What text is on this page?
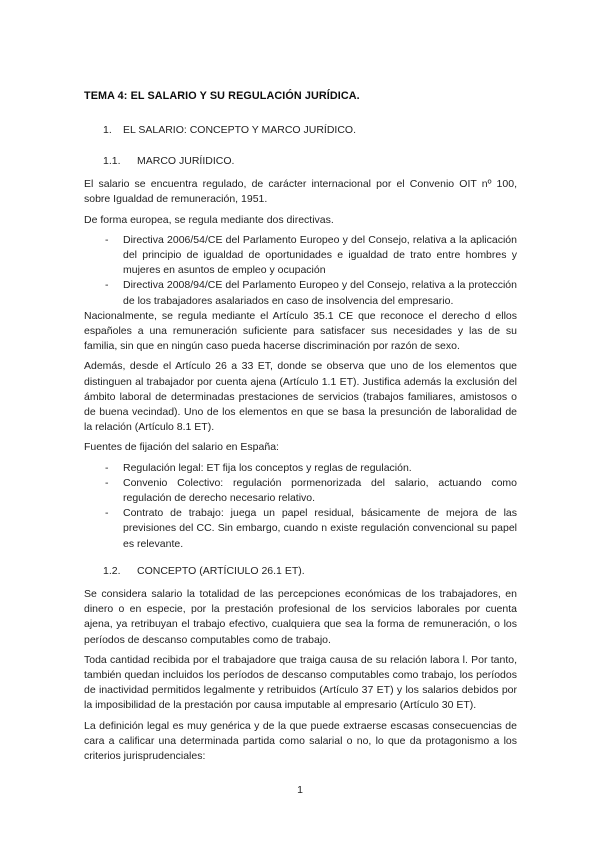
TEMA 4: EL SALARIO Y SU REGULACIÓN JURÍDICA.
1.	EL SALARIO: CONCEPTO Y MARCO JURÍDICO.
1.1.	MARCO JURÍIDICO.

El salario se encuentra regulado, de carácter internacional por el Convenio OIT nº 100, sobre Igualdad de remuneración, 1951.

De forma europea, se regula mediante dos directivas.

- Directiva 2006/54/CE del Parlamento Europeo y del Consejo, relativa a la aplicación del principio de igualdad de oportunidades e igualdad de trato entre hombres y mujeres en asuntos de empleo y ocupación
- Directiva 2008/94/CE del Parlamento Europeo y del Consejo, relativa a la protección de los trabajadores asalariados en caso de insolvencia del empresario.

Nacionalmente, se regula mediante el Artículo 35.1 CE que reconoce el derecho d ellos españoles a una remuneración suficiente para satisfacer sus necesidades y las de su familia, sin que en ningún caso pueda hacerse discriminación por razón de sexo.

Además, desde el Artículo 26 a 33 ET, donde se observa que uno de los elementos que distinguen al trabajador por cuenta ajena (Artículo 1.1 ET). Justifica además la exclusión del ámbito laboral de determinadas prestaciones de servicios (trabajos familiares, amistosos o de buena vecindad). Uno de los elementos en que se basa la presunción de laboralidad de la relación (Artículo 8.1 ET).

Fuentes de fijación del salario en España:

- Regulación legal: ET fija los conceptos y reglas de regulación.
- Convenio Colectivo: regulación pormenorizada del salario, actuando como regulación de derecho necesario relativo.
- Contrato de trabajo: juega un papel residual, básicamente de mejora de las previsiones del CC. Sin embargo, cuando n existe regulación convencional su papel es relevante.
1.2.	CONCEPTO (ARTÍCIULO 26.1 ET).

Se considera salario la totalidad de las percepciones económicas de los trabajadores, en dinero o en especie, por la prestación profesional de los servicios laborales por cuenta ajena, ya retribuyan el trabajo efectivo, cualquiera que sea la forma de remuneración, o los períodos de descanso computables como de trabajo.

Toda cantidad recibida por el trabajadore que traiga causa de su relación labora l. Por tanto, también quedan incluidos los períodos de descanso computables como trabajo, los períodos de inactividad permitidos legalmente y retribuidos (Artículo 37 ET) y los salarios debidos por la imposibilidad de la prestación por causa imputable al empresario (Artículo 30 ET).

La definición legal es muy genérica y de la que puede extraerse escasas consecuencias de cara a calificar una determinada partida como salarial o no, lo que da protagonismo a los criterios jurisprudenciales:

1
